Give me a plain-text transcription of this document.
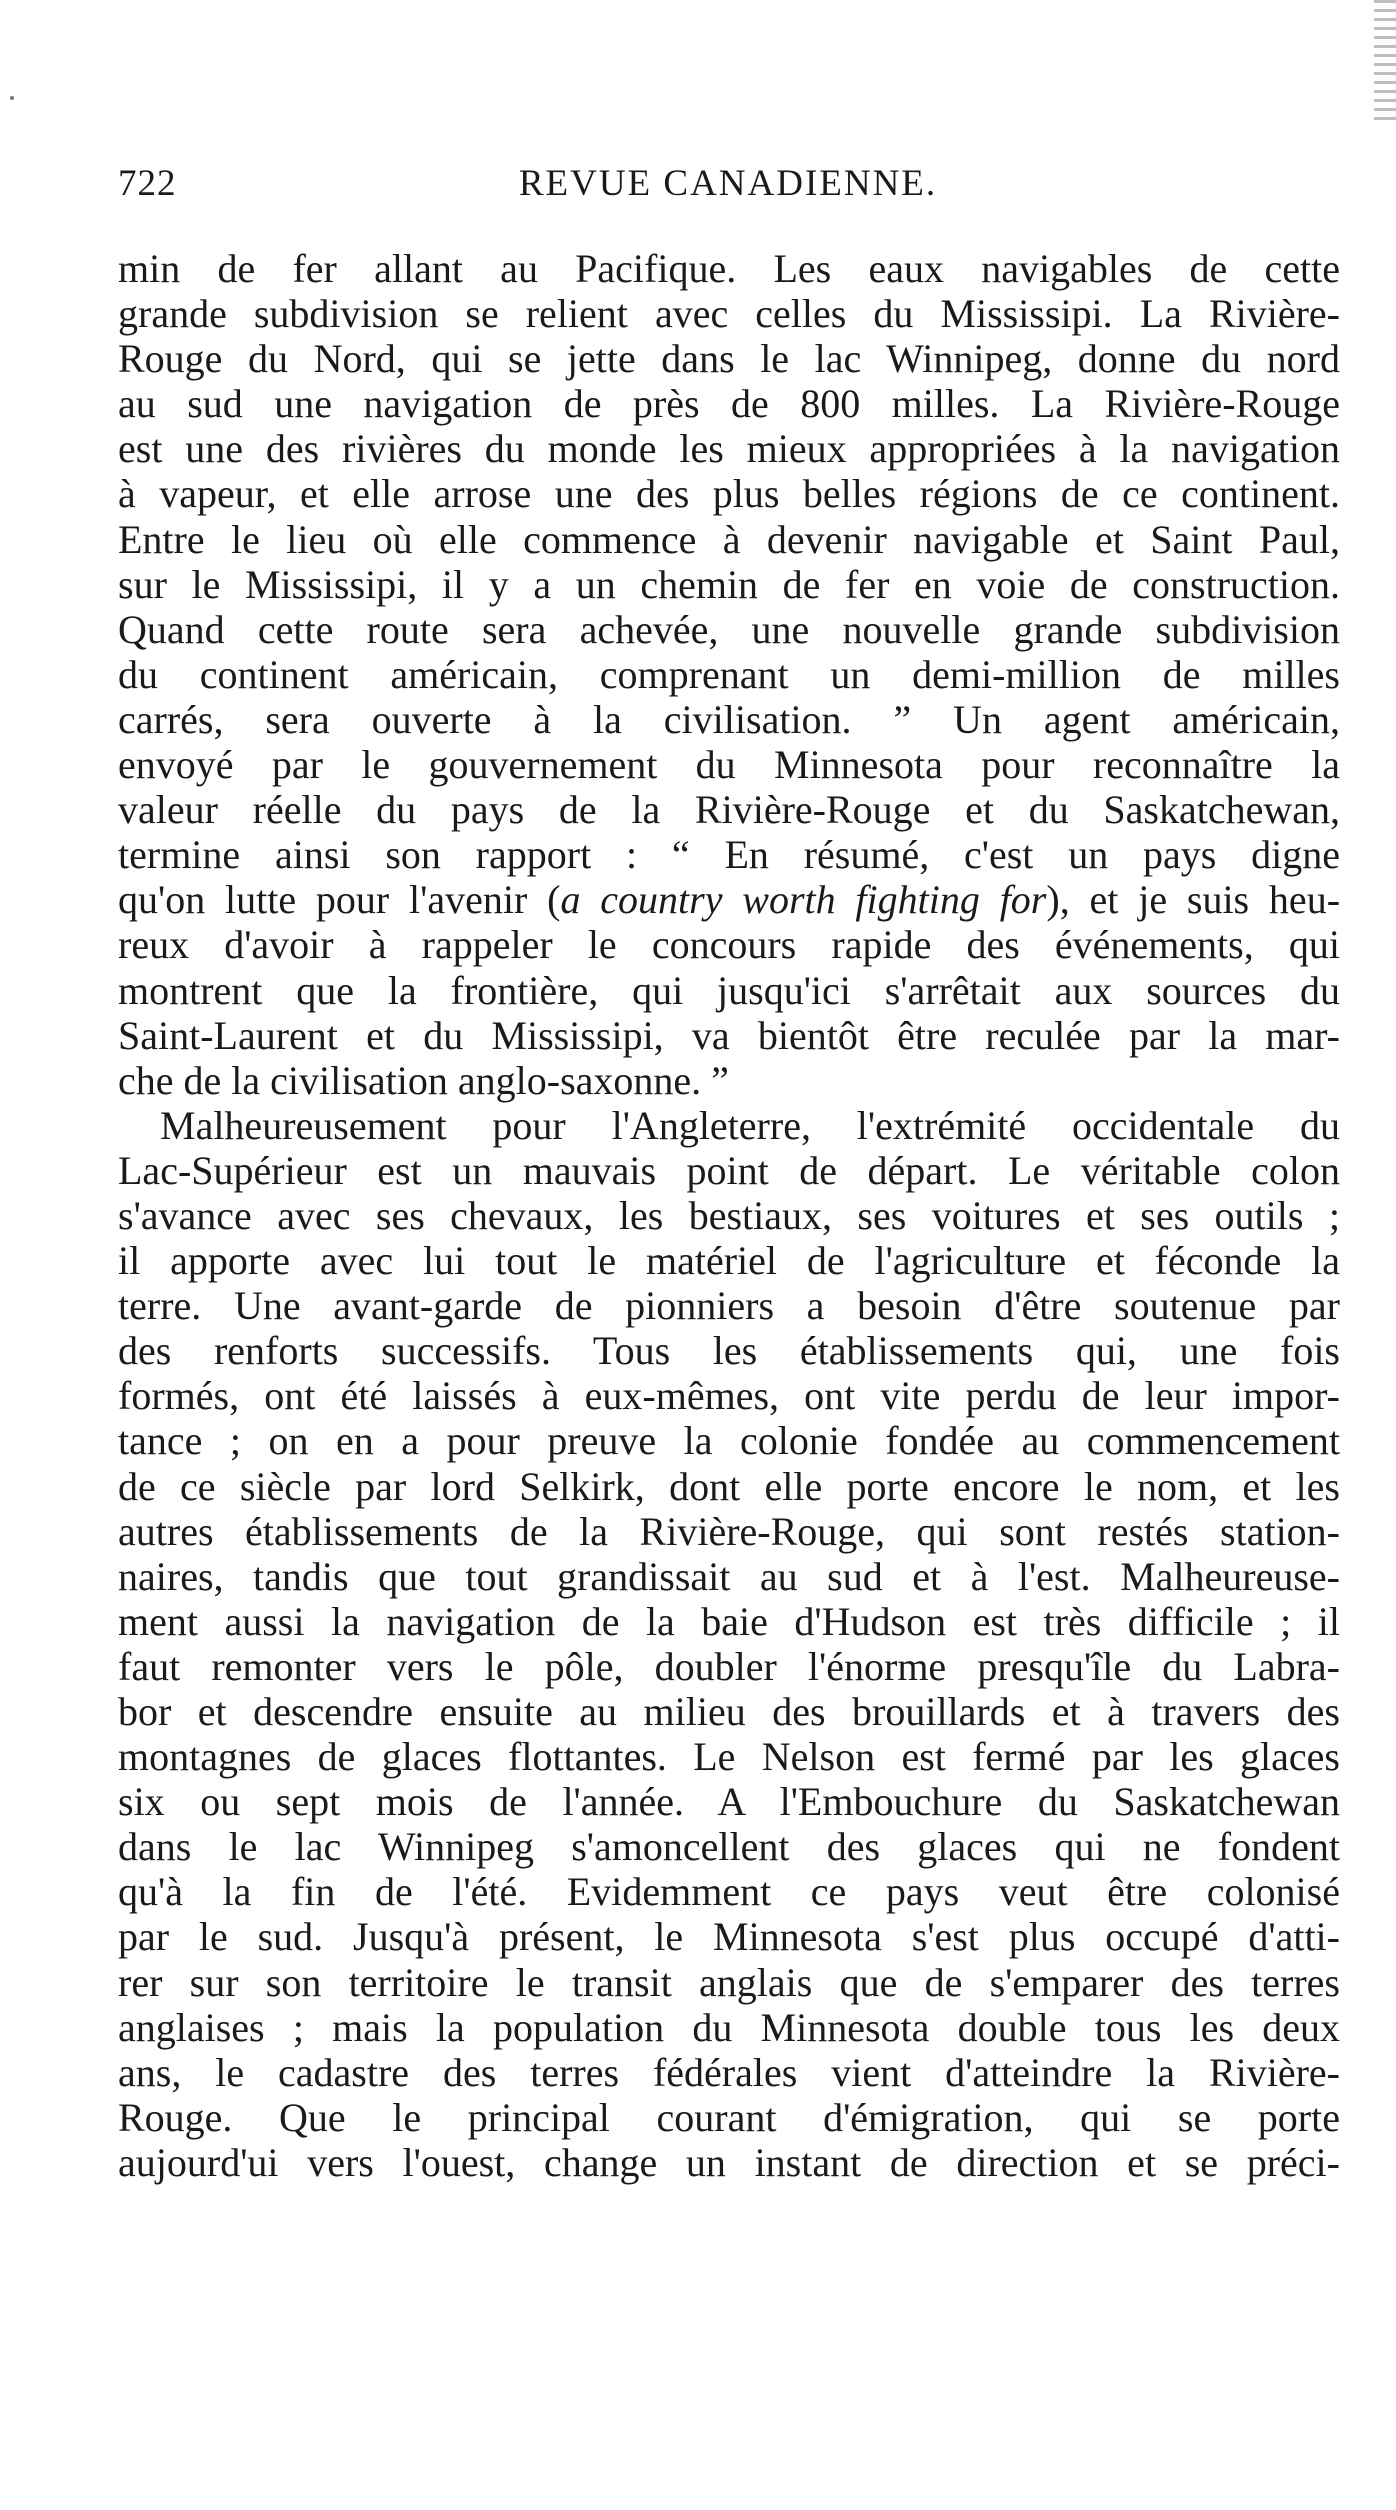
722	REVUE CANADIENNE.
min de fer allant au Pacifique. Les eaux navigables de cette
grande subdivision se relient avec celles du Mississipi. La Rivière-
Rouge du Nord, qui se jette dans le lac Winnipeg, donne du nord
au sud une navigation de près de 800 milles. La Rivière-Rouge
est une des rivières du monde les mieux appropriées à la navigation
à vapeur, et elle arrose une des plus belles régions de ce continent.
Entre le lieu où elle commence à devenir navigable et Saint Paul,
sur le Mississipi, il y a un chemin de fer en voie de construction.
Quand cette route sera achevée, une nouvelle grande subdivision
du continent américain, comprenant un demi-million de milles
carrés, sera ouverte à la civilisation. ” Un agent américain,
envoyé par le gouvernement du Minnesota pour reconnaître la
valeur réelle du pays de la Rivière-Rouge et du Saskatchewan,
termine ainsi son rapport : “ En résumé, c'est un pays digne
qu'on lutte pour l'avenir (a country worth fighting for), et je suis heu-
reux d'avoir à rappeler le concours rapide des événements, qui
montrent que la frontière, qui jusqu'ici s'arrêtait aux sources du
Saint-Laurent et du Mississipi, va bientôt être reculée par la mar-
che de la civilisation anglo-saxonne. ”
Malheureusement pour l'Angleterre, l'extrémité occidentale du
Lac-Supérieur est un mauvais point de départ. Le véritable colon
s'avance avec ses chevaux, les bestiaux, ses voitures et ses outils ;
il apporte avec lui tout le matériel de l'agriculture et féconde la
terre. Une avant-garde de pionniers a besoin d'être soutenue par
des renforts successifs. Tous les établissements qui, une fois
formés, ont été laissés à eux-mêmes, ont vite perdu de leur impor-
tance ; on en a pour preuve la colonie fondée au commencement
de ce siècle par lord Selkirk, dont elle porte encore le nom, et les
autres établissements de la Rivière-Rouge, qui sont restés station-
naires, tandis que tout grandissait au sud et à l'est. Malheureuse-
ment aussi la navigation de la baie d'Hudson est très difficile ; il
faut remonter vers le pôle, doubler l'énorme presqu'île du Labra-
bor et descendre ensuite au milieu des brouillards et à travers des
montagnes de glaces flottantes. Le Nelson est fermé par les glaces
six ou sept mois de l'année. A l'Embouchure du Saskatchewan
dans le lac Winnipeg s'amoncellent des glaces qui ne fondent
qu'à la fin de l'été. Evidemment ce pays veut être colonisé
par le sud. Jusqu'à présent, le Minnesota s'est plus occupé d'atti-
rer sur son territoire le transit anglais que de s'emparer des terres
anglaises ; mais la population du Minnesota double tous les deux
ans, le cadastre des terres fédérales vient d'atteindre la Rivière-
Rouge. Que le principal courant d'émigration, qui se porte
aujourd'ui vers l'ouest, change un instant de direction et se préci-
